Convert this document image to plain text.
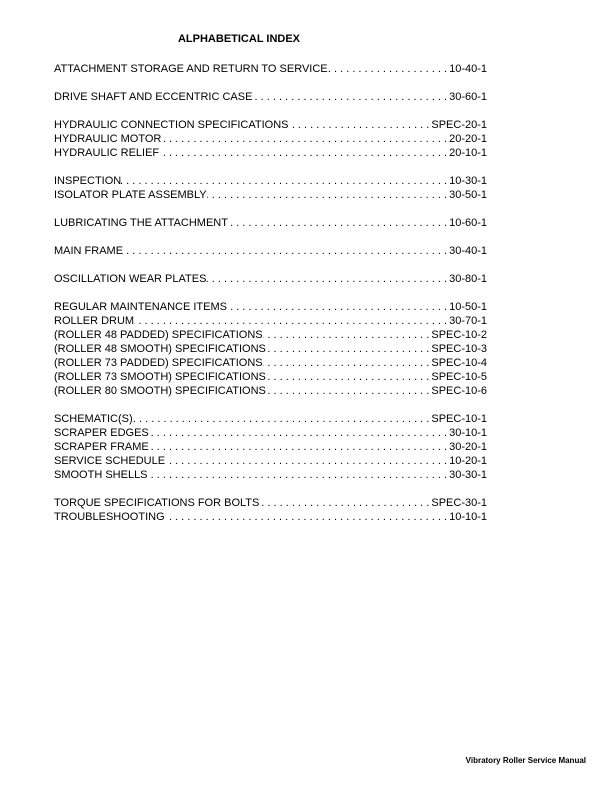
ALPHABETICAL INDEX
ATTACHMENT STORAGE AND RETURN TO SERVICE . . .	10-40-1
DRIVE SHAFT AND ECCENTRIC CASE . . .	30-60-1
HYDRAULIC CONNECTION SPECIFICATIONS . . .	SPEC-20-1
HYDRAULIC MOTOR . . .	20-20-1
HYDRAULIC RELIEF . . .	20-10-1
INSPECTION . . .	10-30-1
ISOLATOR PLATE ASSEMBLY . . .	30-50-1
LUBRICATING THE ATTACHMENT . . .	10-60-1
MAIN FRAME . . .	30-40-1
OSCILLATION WEAR PLATES . . .	30-80-1
REGULAR MAINTENANCE ITEMS . . .	10-50-1
ROLLER DRUM . . .	30-70-1
(ROLLER 48 PADDED) SPECIFICATIONS . . .	SPEC-10-2
(ROLLER 48 SMOOTH) SPECIFICATIONS . . .	SPEC-10-3
(ROLLER 73 PADDED) SPECIFICATIONS . . .	SPEC-10-4
(ROLLER 73 SMOOTH) SPECIFICATIONS . . .	SPEC-10-5
(ROLLER 80 SMOOTH) SPECIFICATIONS . . .	SPEC-10-6
SCHEMATIC(S) . . .	SPEC-10-1
SCRAPER EDGES . . .	30-10-1
SCRAPER FRAME . . .	30-20-1
SERVICE SCHEDULE . . .	10-20-1
SMOOTH SHELLS . . .	30-30-1
TORQUE SPECIFICATIONS FOR BOLTS . . .	SPEC-30-1
TROUBLESHOOTING . . .	10-10-1
Vibratory Roller Service Manual
